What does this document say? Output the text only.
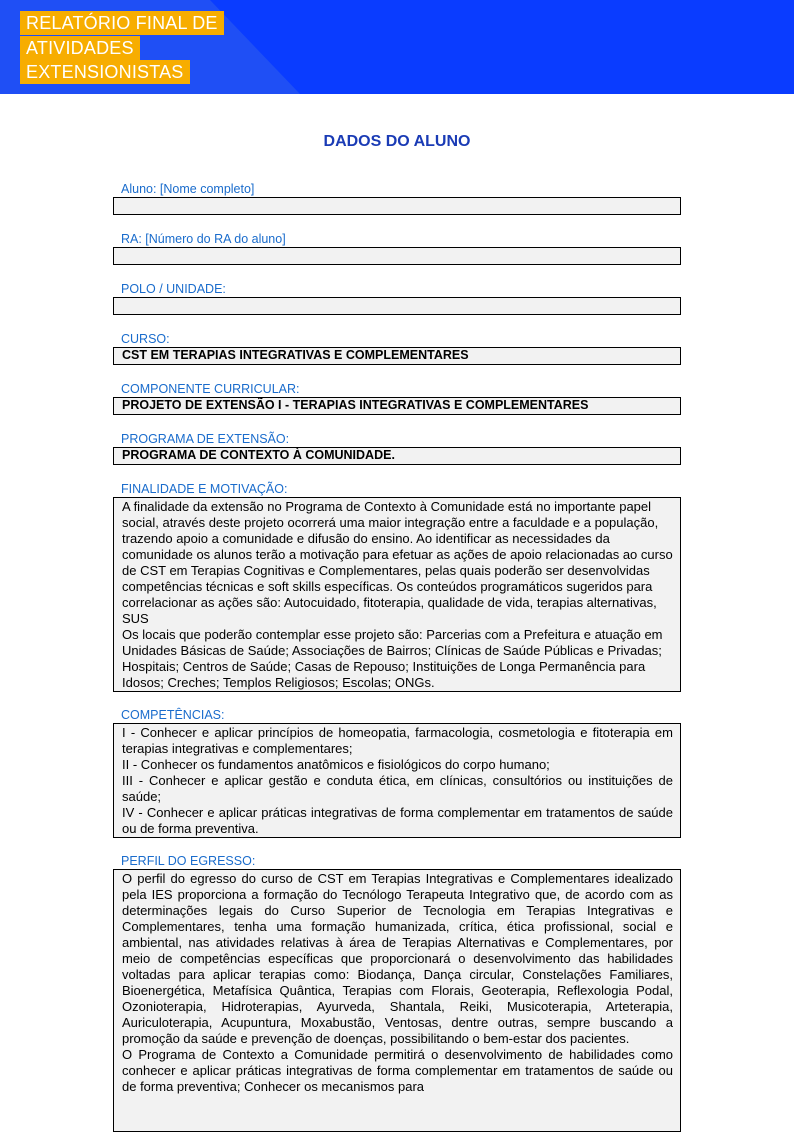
RELATÓRIO FINAL DE
ATIVIDADES
EXTENSIONISTAS
DADOS DO ALUNO
Aluno: [Nome completo]
RA: [Número do RA do aluno]
POLO / UNIDADE:
CURSO:
CST EM TERAPIAS INTEGRATIVAS E COMPLEMENTARES
COMPONENTE CURRICULAR:
PROJETO DE EXTENSÃO I - TERAPIAS INTEGRATIVAS E COMPLEMENTARES
PROGRAMA DE EXTENSÃO:
PROGRAMA DE CONTEXTO À COMUNIDADE.
FINALIDADE E MOTIVAÇÃO:

A finalidade da extensão no Programa de Contexto à Comunidade está no importante papel social, através deste projeto ocorrerá uma maior integração entre a faculdade e a população, trazendo apoio a comunidade e difusão do ensino. Ao identificar as necessidades da comunidade os alunos terão a motivação para efetuar as ações de apoio relacionadas ao curso de CST em Terapias Cognitivas e Complementares, pelas quais poderão ser desenvolvidas competências técnicas e soft skills específicas. Os conteúdos programáticos sugeridos para correlacionar as ações são: Autocuidado, fitoterapia, qualidade de vida, terapias alternativas, SUS

Os locais que poderão contemplar esse projeto são: Parcerias com a Prefeitura e atuação em Unidades Básicas de Saúde; Associações de Bairros; Clínicas de Saúde Públicas e Privadas; Hospitais; Centros de Saúde; Casas de Repouso; Instituições de Longa Permanência para Idosos; Creches; Templos Religiosos; Escolas; ONGs.

COMPETÊNCIAS:

I - Conhecer e aplicar princípios de homeopatia, farmacologia, cosmetologia e fitoterapia em terapias integrativas e complementares;

II - Conhecer os fundamentos anatômicos e fisiológicos do corpo humano;

III - Conhecer e aplicar gestão e conduta ética, em clínicas, consultórios ou instituições de saúde;

IV - Conhecer e aplicar práticas integrativas de forma complementar em tratamentos de saúde ou de forma preventiva.

PERFIL DO EGRESSO:

O perfil do egresso do curso de CST em Terapias Integrativas e Complementares idealizado pela IES proporciona a formação do Tecnólogo Terapeuta Integrativo que, de acordo com as determinações legais do Curso Superior de Tecnologia em Terapias Integrativas e Complementares, tenha uma formação humanizada, crítica, ética profissional, social e ambiental, nas atividades relativas à área de Terapias Alternativas e Complementares, por meio de competências específicas que proporcionará o desenvolvimento das habilidades voltadas para aplicar terapias como: Biodança, Dança circular, Constelações Familiares, Bioenergética, Metafísica Quântica, Terapias com Florais, Geoterapia, Reflexologia Podal, Ozonioterapia, Hidroterapias, Ayurveda, Shantala, Reiki, Musicoterapia, Arteterapia, Auriculoterapia, Acupuntura, Moxabustão, Ventosas, dentre outras, sempre buscando a promoção da saúde e prevenção de doenças, possibilitando o bem-estar dos pacientes.

O Programa de Contexto a Comunidade permitirá o desenvolvimento de habilidades como conhecer e aplicar práticas integrativas de forma complementar em tratamentos de saúde ou de forma preventiva; Conhecer os mecanismos para
